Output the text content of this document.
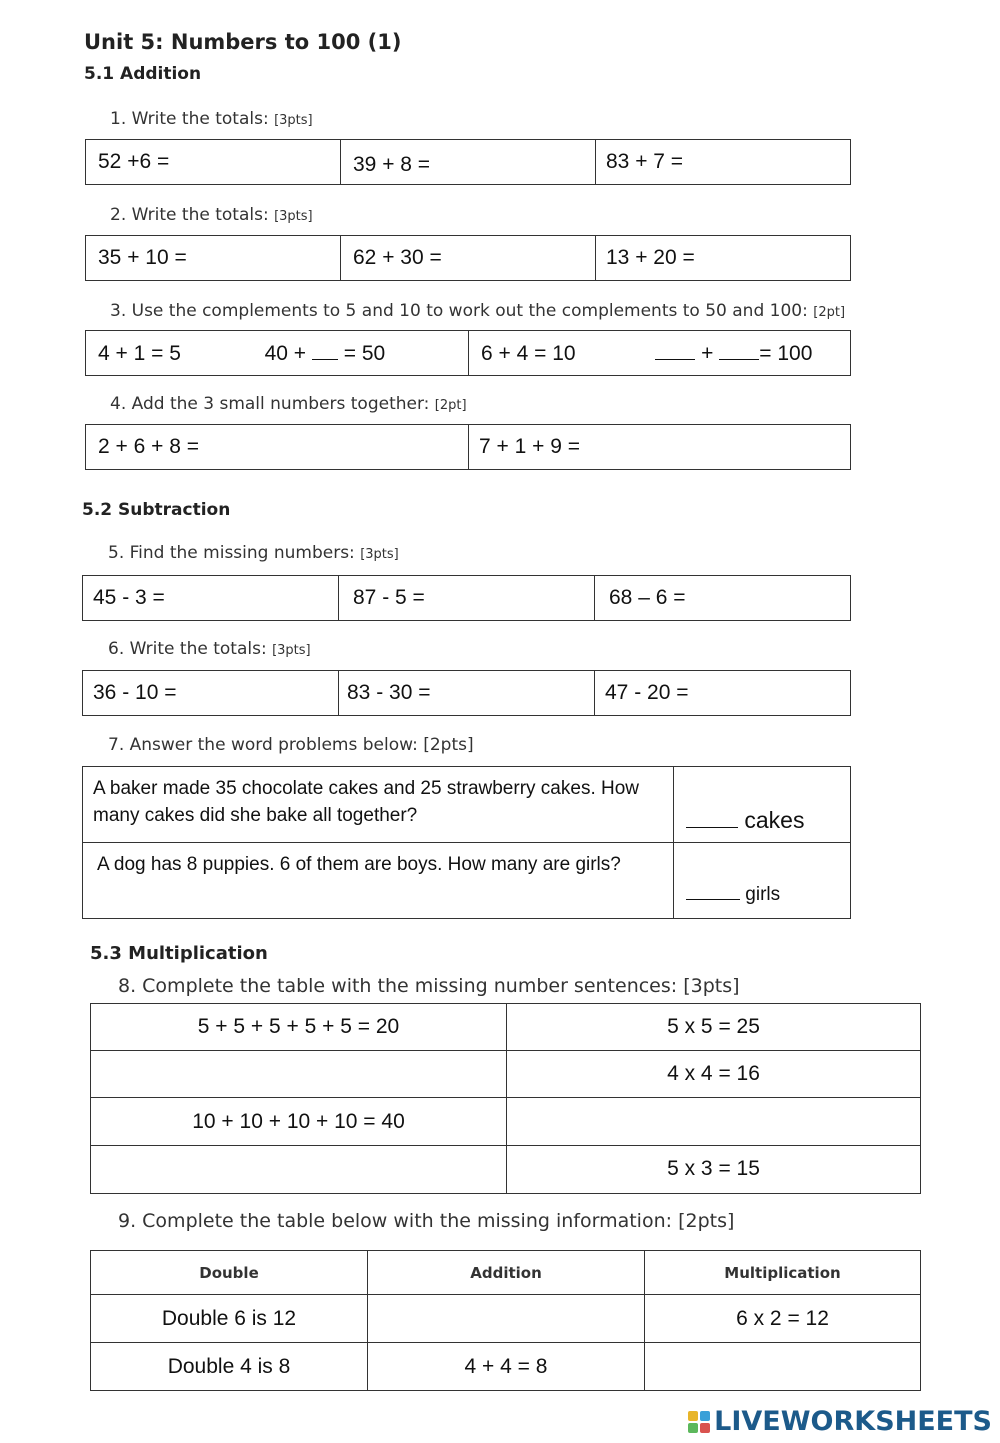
Unit 5: Numbers to 100 (1)
5.1 Addition
1. Write the totals: [3pts]
52 +6 =	39 + 8 =	83 + 7 =
2. Write the totals: [3pts]
35 + 10 =	62 + 30 =	13 + 20 =
3. Use the complements to 5 and 10 to work out the complements to 50 and 100: [2pt]
4 + 1 = 5	40 + = 50	6 + 4 = 10	+ = 100
4. Add the 3 small numbers together: [2pt]
2 + 6 + 8 =	7 + 1 + 9 =
5.2 Subtraction
5. Find the missing numbers: [3pts]
45 - 3 =	87 - 5 =	68 – 6 =
6. Write the totals: [3pts]
36 - 10 =	83 - 30 =	47 - 20 =
7. Answer the word problems below: [2pts]
A baker made 35 chocolate cakes and 25 strawberry cakes. How many cakes did she bake all together?	cakes
A dog has 8 puppies. 6 of them are boys. How many are girls?	girls
5.3 Multiplication
8. Complete the table with the missing number sentences: [3pts]
5 + 5 + 5 + 5 + 5 = 20	5 x 5 = 25
	4 x 4 = 16
10 + 10 + 10 + 10 = 40	
	5 x 3 = 15
9. Complete the table below with the missing information: [2pts]
Double	Addition	Multiplication
Double 6 is 12		6 x 2 = 12
Double 4 is 8	4 + 4 = 8	
LIVEWORKSHEETS
